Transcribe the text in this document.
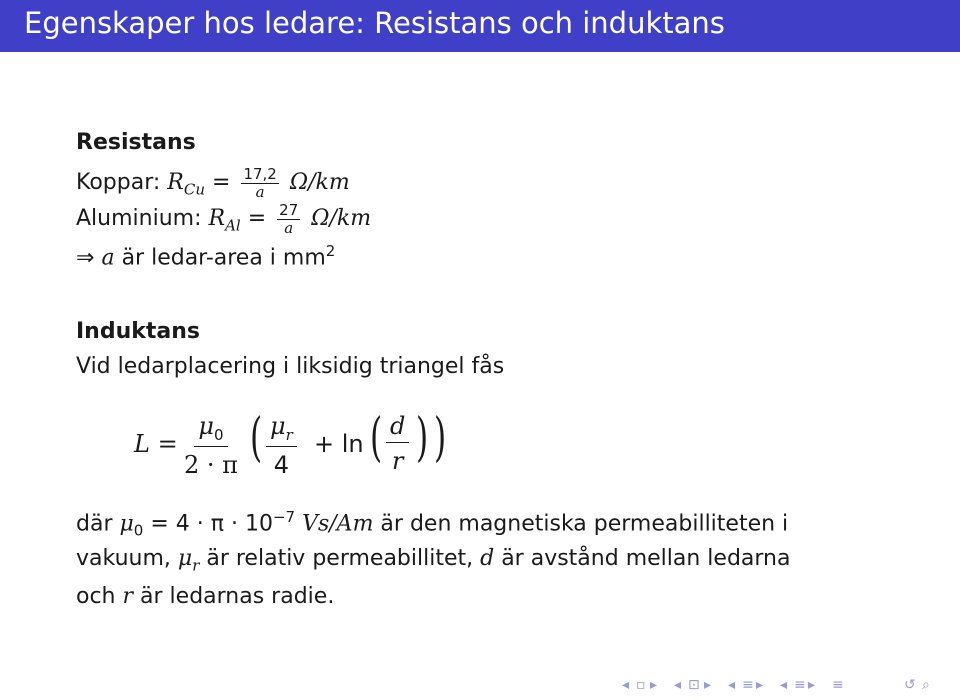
Egenskaper hos ledare: Resistans och induktans
Resistans
Koppar: $R_{Cu} = \frac{17,2}{a} \Omega/km$
Aluminium: $R_{Al} = \frac{27}{a} \Omega/km$
⇒ a är ledar-area i $mm^2$
Induktans
Vid ledarplacering i liksidig triangel fås
L =
$\mu_0$
2 · π ( $\mu_r$
4
+ ln ( d
r ) )
där $\mu_0 = 4 \cdot \pi \cdot 10^{-7}$ Vs/Am är den magnetiska permeabilliteten i
vakuum, $\mu_r$ är relativ permeabillitet, d är avstånd mellan ledarna
och r är ledarnas radie.
◂ ▫ ▸ ◂ ⊡ ▸ ◂ ≡ ▸ ◂ ≡ ▸ ≡	↺ ⌕
